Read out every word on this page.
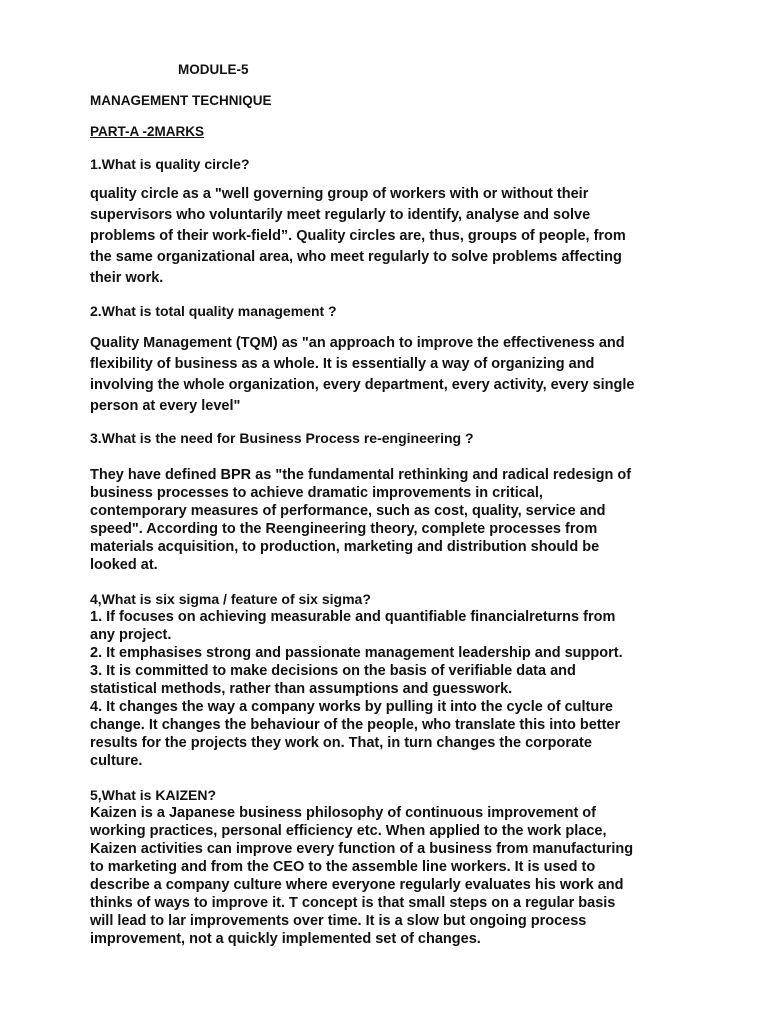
MODULE-5
MANAGEMENT TECHNIQUE
PART-A -2MARKS
1.What is quality circle?
quality circle as a "well governing group of workers with or without their
supervisors who voluntarily meet regularly to identify, analyse and solve
problems of their work-field”. Quality circles are, thus, groups of people, from
the same organizational area, who meet regularly to solve problems affecting
their work.
2.What is total quality management ?
Quality Management (TQM) as "an approach to improve the effectiveness and
flexibility of business as a whole. It is essentially a way of organizing and
involving the whole organization, every department, every activity, every single
person at every level"
3.What is the need for Business Process re-engineering ?
They have defined BPR as "the fundamental rethinking and radical redesign of
business processes to achieve dramatic improvements in critical,
contemporary measures of performance, such as cost, quality, service and
speed". According to the Reengineering theory, complete processes from
materials acquisition, to production, marketing and distribution should be
looked at.
4,What is six sigma / feature of six sigma?
1. If focuses on achieving measurable and quantifiable financialreturns from
any project.
2. It emphasises strong and passionate management leadership and support.
3. It is committed to make decisions on the basis of verifiable data and
statistical methods, rather than assumptions and guesswork.
4. It changes the way a company works by pulling it into the cycle of culture
change. It changes the behaviour of the people, who translate this into better
results for the projects they work on. That, in turn changes the corporate
culture.
5,What is KAIZEN?
Kaizen is a Japanese business philosophy of continuous improvement of
working practices, personal efficiency etc. When applied to the work place,
Kaizen activities can improve every function of a business from manufacturing
to marketing and from the CEO to the assemble line workers. It is used to
describe a company culture where everyone regularly evaluates his work and
thinks of ways to improve it. T concept is that small steps on a regular basis
will lead to lar improvements over time. It is a slow but ongoing process
improvement, not a quickly implemented set of changes.
